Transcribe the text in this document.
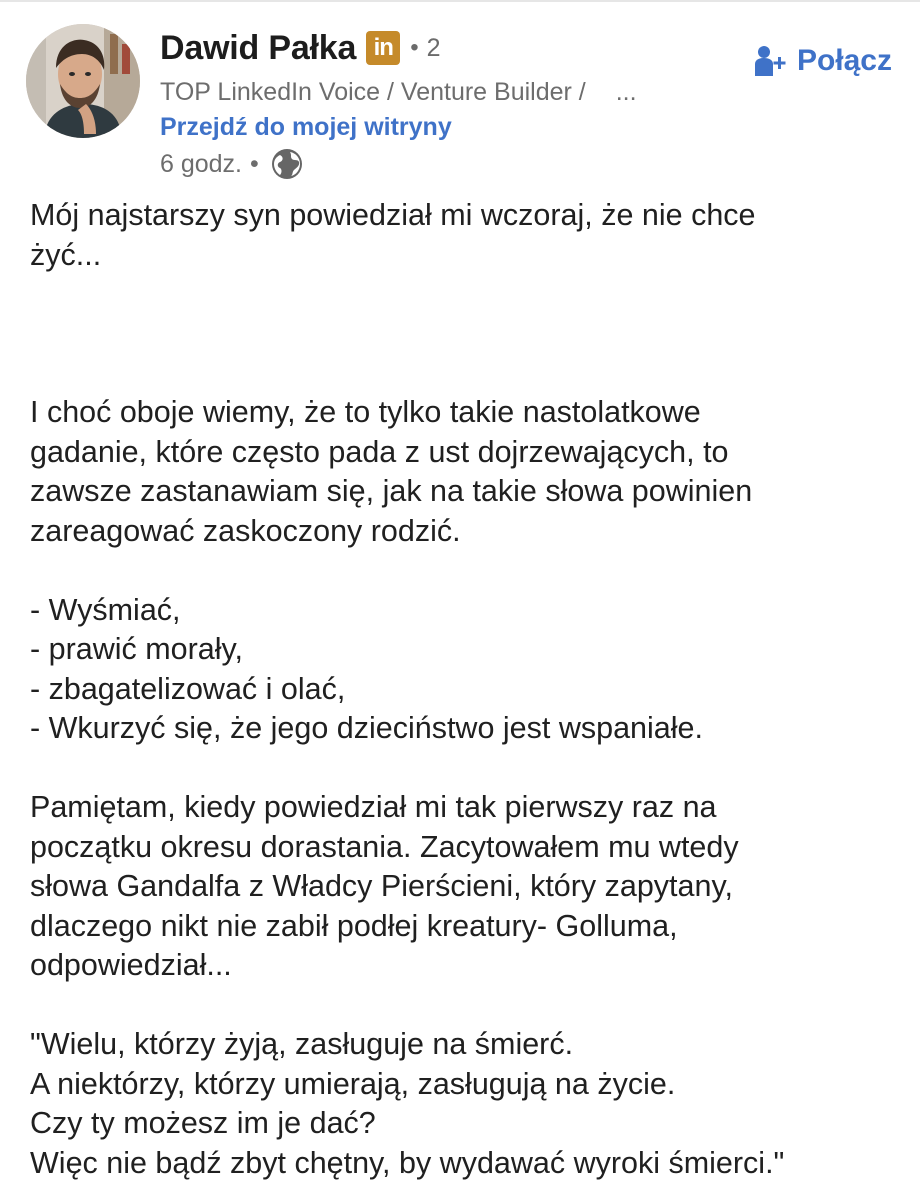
Dawid Pałka in • 2
TOP LinkedIn Voice / Venture Builder / ...
Przejdź do mojej witryny
6 godz. •
Połącz

Mój najstarszy syn powiedział mi wczoraj, że nie chce

żyć...

I choć oboje wiemy, że to tylko takie nastolatkowe

gadanie, które często pada z ust dojrzewających, to

zawsze zastanawiam się, jak na takie słowa powinien

zareagować zaskoczony rodzić.

- Wyśmiać,

- prawić morały,

- zbagatelizować i olać,

- Wkurzyć się, że jego dzieciństwo jest wspaniałe.

Pamiętam, kiedy powiedział mi tak pierwszy raz na

początku okresu dorastania. Zacytowałem mu wtedy

słowa Gandalfa z Władcy Pierścieni, który zapytany,

dlaczego nikt nie zabił podłej kreatury- Golluma,

odpowiedział...

"Wielu, którzy żyją, zasługuje na śmierć.

A niektórzy, którzy umierają, zasługują na życie.

Czy ty możesz im je dać?

Więc nie bądź zbyt chętny, by wydawać wyroki śmierci."
